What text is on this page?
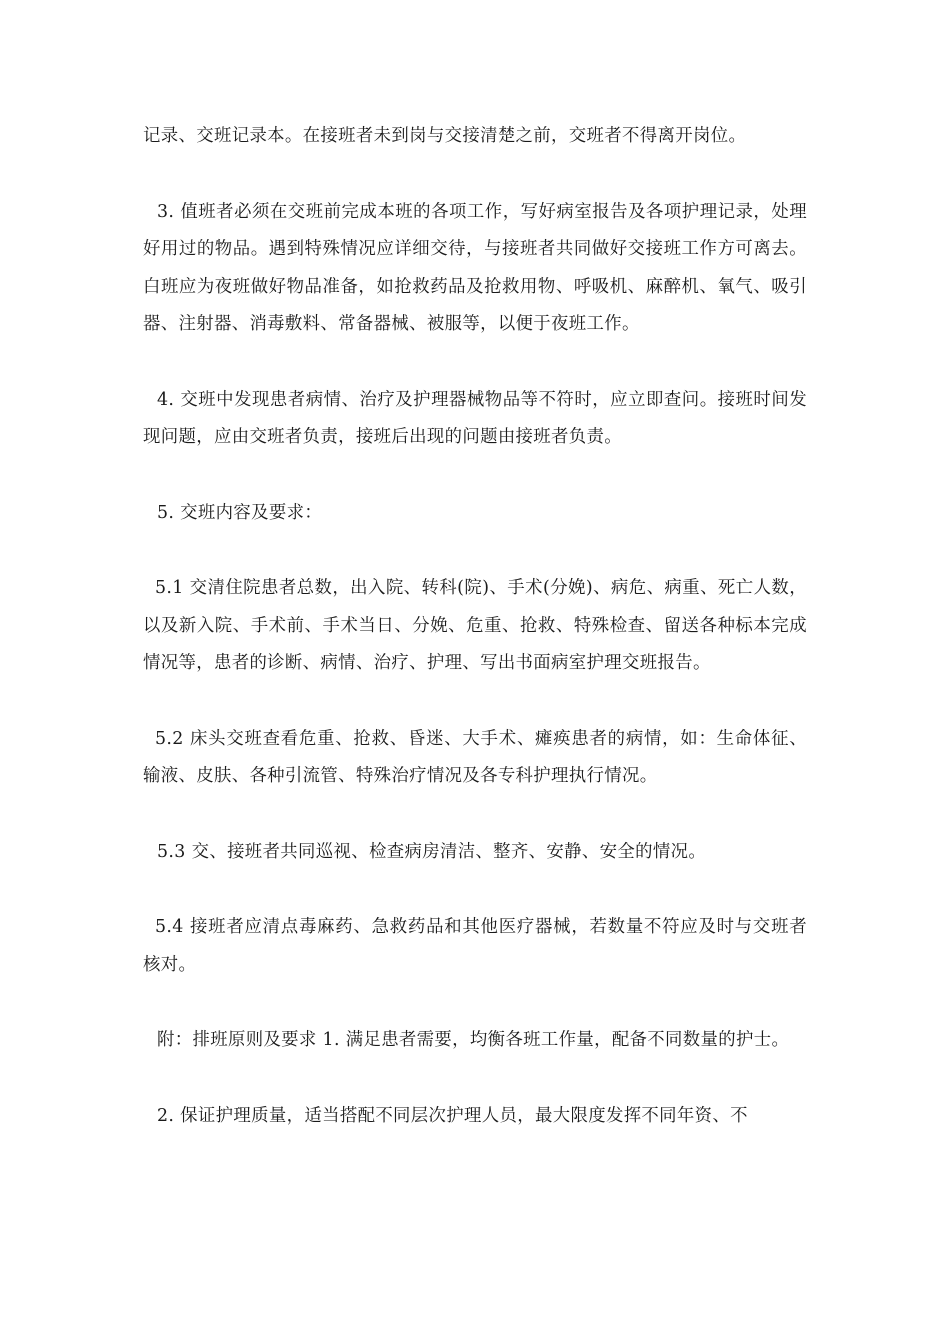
记录、交班记录本。在接班者未到岗与交接清楚之前，交班者不得离开岗位。

3. 值班者必须在交班前完成本班的各项工作，写好病室报告及各项护理记录，处理好用过的物品。遇到特殊情况应详细交待，与接班者共同做好交接班工作方可离去。白班应为夜班做好物品准备，如抢救药品及抢救用物、呼吸机、麻醉机、氧气、吸引器、注射器、消毒敷料、常备器械、被服等，以便于夜班工作。

4. 交班中发现患者病情、治疗及护理器械物品等不符时，应立即查问。接班时间发现问题，应由交班者负责，接班后出现的问题由接班者负责。

5. 交班内容及要求：

5.1 交清住院患者总数，出入院、转科(院)、手术(分娩)、病危、病重、死亡人数，以及新入院、手术前、手术当日、分娩、危重、抢救、特殊检查、留送各种标本完成情况等，患者的诊断、病情、治疗、护理、写出书面病室护理交班报告。

5.2 床头交班查看危重、抢救、昏迷、大手术、瘫痪患者的病情，如：生命体征、输液、皮肤、各种引流管、特殊治疗情况及各专科护理执行情况。

5.3 交、接班者共同巡视、检查病房清洁、整齐、安静、安全的情况。

5.4 接班者应清点毒麻药、急救药品和其他医疗器械，若数量不符应及时与交班者核对。

附：排班原则及要求 1. 满足患者需要，均衡各班工作量，配备不同数量的护士。

2. 保证护理质量，适当搭配不同层次护理人员，最大限度发挥不同年资、不
